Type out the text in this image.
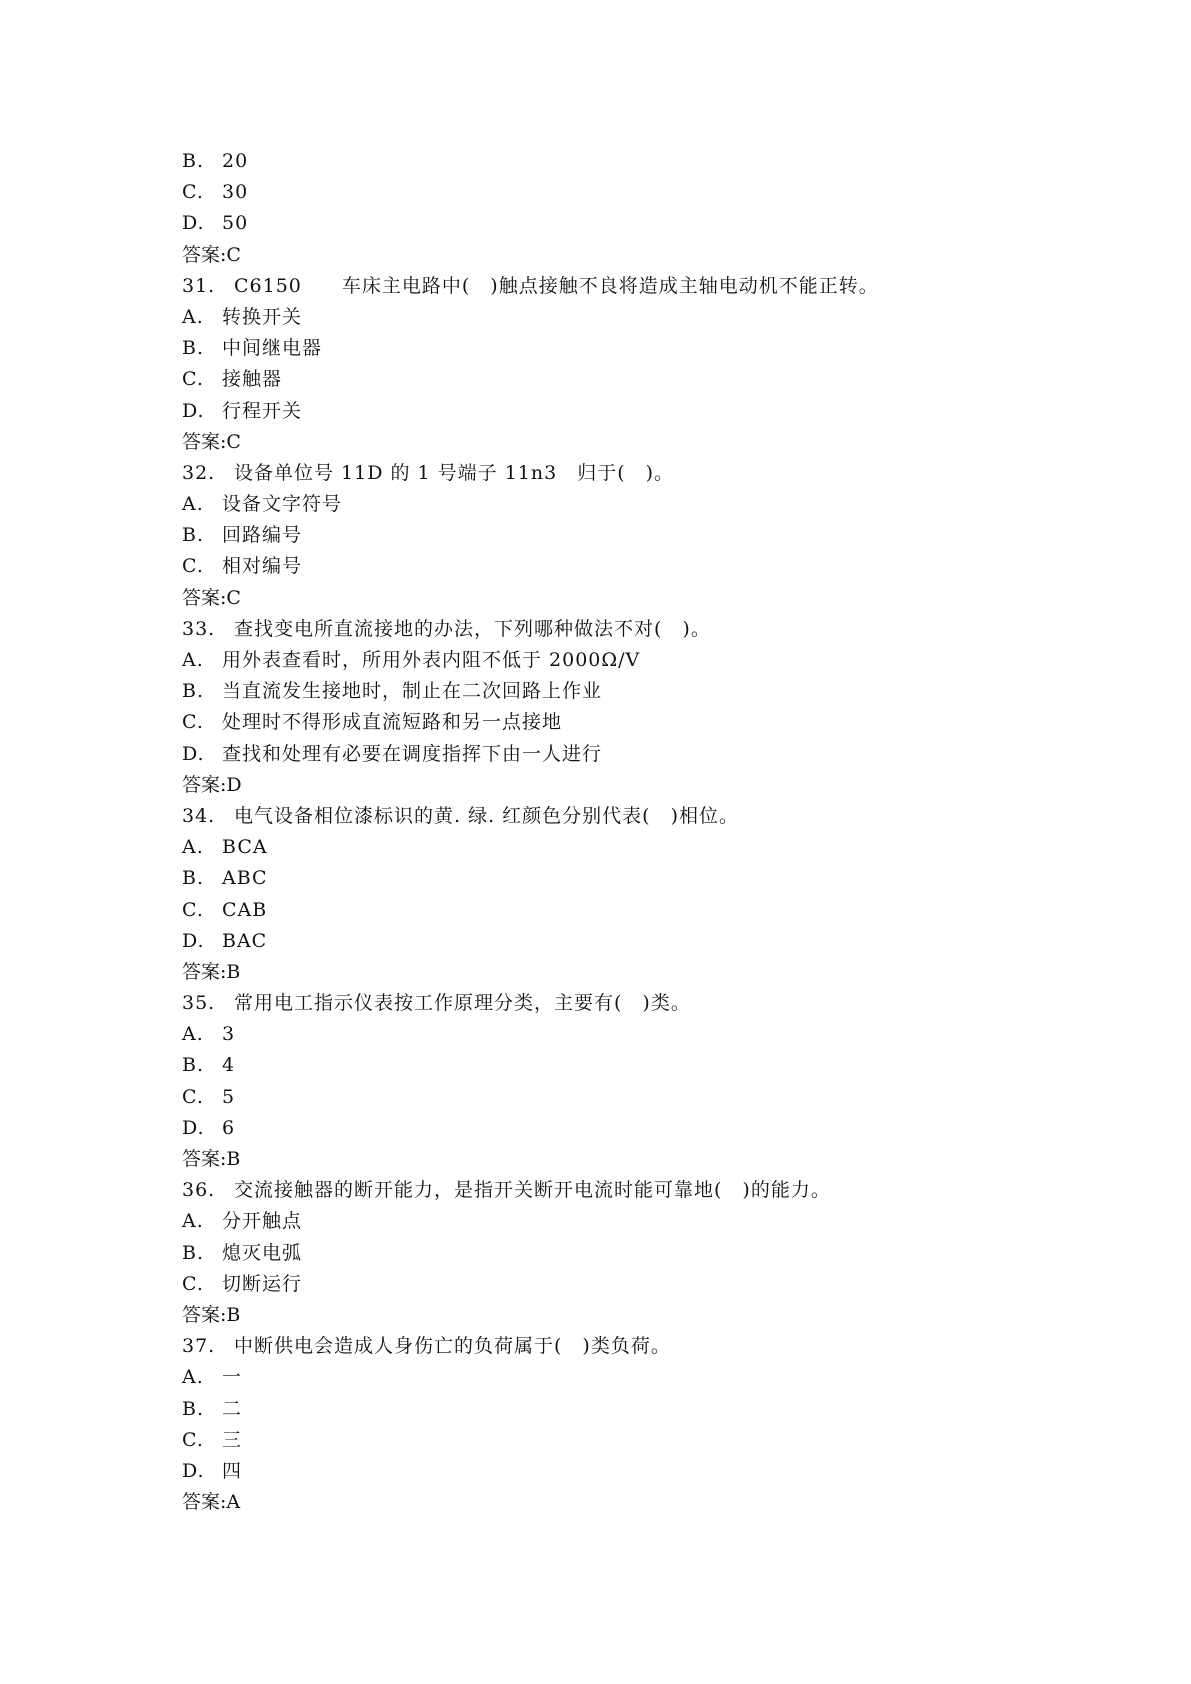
B. 20
C. 30
D. 50
答案:C
31. C6150　　车床主电路中(　)触点接触不良将造成主轴电动机不能正转。
A. 转换开关
B. 中间继电器
C. 接触器
D. 行程开关
答案:C
32. 设备单位号 11D 的 1 号端子 11n3　归于(　)。
A. 设备文字符号
B. 回路编号
C. 相对编号
答案:C
33. 查找变电所直流接地的办法，下列哪种做法不对(　)。
A. 用外表查看时，所用外表内阻不低于 2000Ω/V
B. 当直流发生接地时，制止在二次回路上作业
C. 处理时不得形成直流短路和另一点接地
D. 查找和处理有必要在调度指挥下由一人进行
答案:D
34. 电气设备相位漆标识的黄. 绿. 红颜色分别代表(　)相位。
A. BCA
B. ABC
C. CAB
D. BAC
答案:B
35. 常用电工指示仪表按工作原理分类，主要有(　)类。
A. 3
B. 4
C. 5
D. 6
答案:B
36. 交流接触器的断开能力，是指开关断开电流时能可靠地(　)的能力。
A. 分开触点
B. 熄灭电弧
C. 切断运行
答案:B
37. 中断供电会造成人身伤亡的负荷属于(　)类负荷。
A. 一
B. 二
C. 三
D. 四
答案:A
